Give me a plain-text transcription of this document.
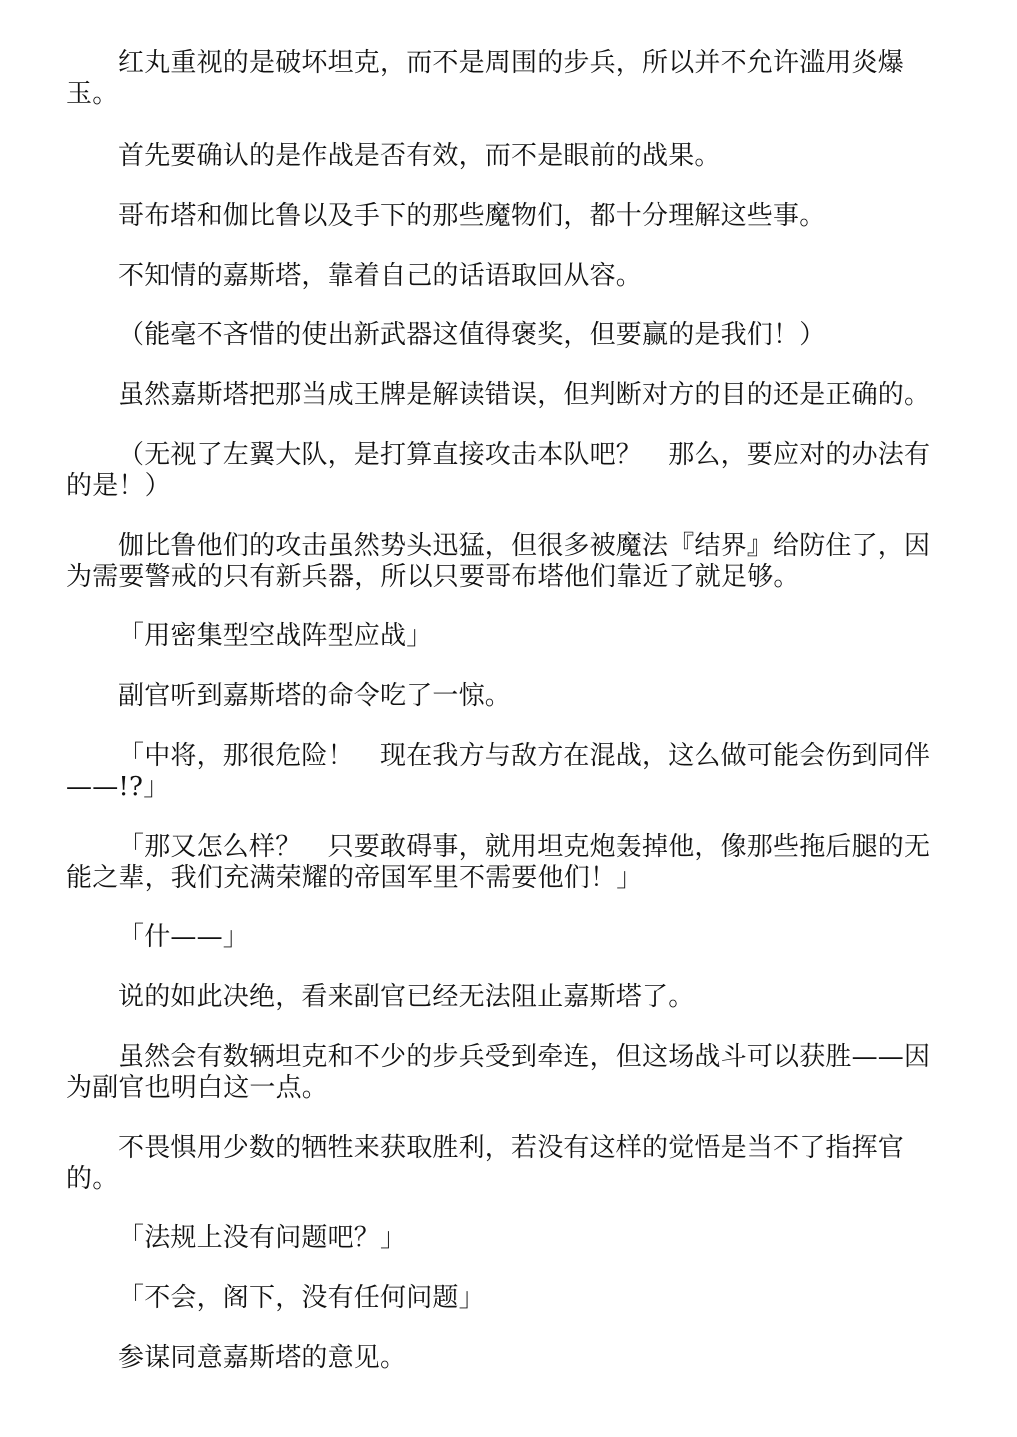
红丸重视的是破坏坦克，而不是周围的步兵，所以并不允许滥用炎爆玉。

首先要确认的是作战是否有效，而不是眼前的战果。

哥布塔和伽比鲁以及手下的那些魔物们，都十分理解这些事。

不知情的嘉斯塔，靠着自己的话语取回从容。

（能毫不吝惜的使出新武器这值得褒奖，但要赢的是我们！）

虽然嘉斯塔把那当成王牌是解读错误，但判断对方的目的还是正确的。

（无视了左翼大队，是打算直接攻击本队吧？　那么，要应对的办法有的是！）

伽比鲁他们的攻击虽然势头迅猛，但很多被魔法『结界』给防住了，因为需要警戒的只有新兵器，所以只要哥布塔他们靠近了就足够。

「用密集型空战阵型应战」

副官听到嘉斯塔的命令吃了一惊。

「中将，那很危险！　现在我方与敌方在混战，这么做可能会伤到同伴——!?」

「那又怎么样？　只要敢碍事，就用坦克炮轰掉他，像那些拖后腿的无能之辈，我们充满荣耀的帝国军里不需要他们！」

「什——」

说的如此决绝，看来副官已经无法阻止嘉斯塔了。

虽然会有数辆坦克和不少的步兵受到牵连，但这场战斗可以获胜——因为副官也明白这一点。

不畏惧用少数的牺牲来获取胜利，若没有这样的觉悟是当不了指挥官的。

「法规上没有问题吧？」

「不会，阁下，没有任何问题」

参谋同意嘉斯塔的意见。
